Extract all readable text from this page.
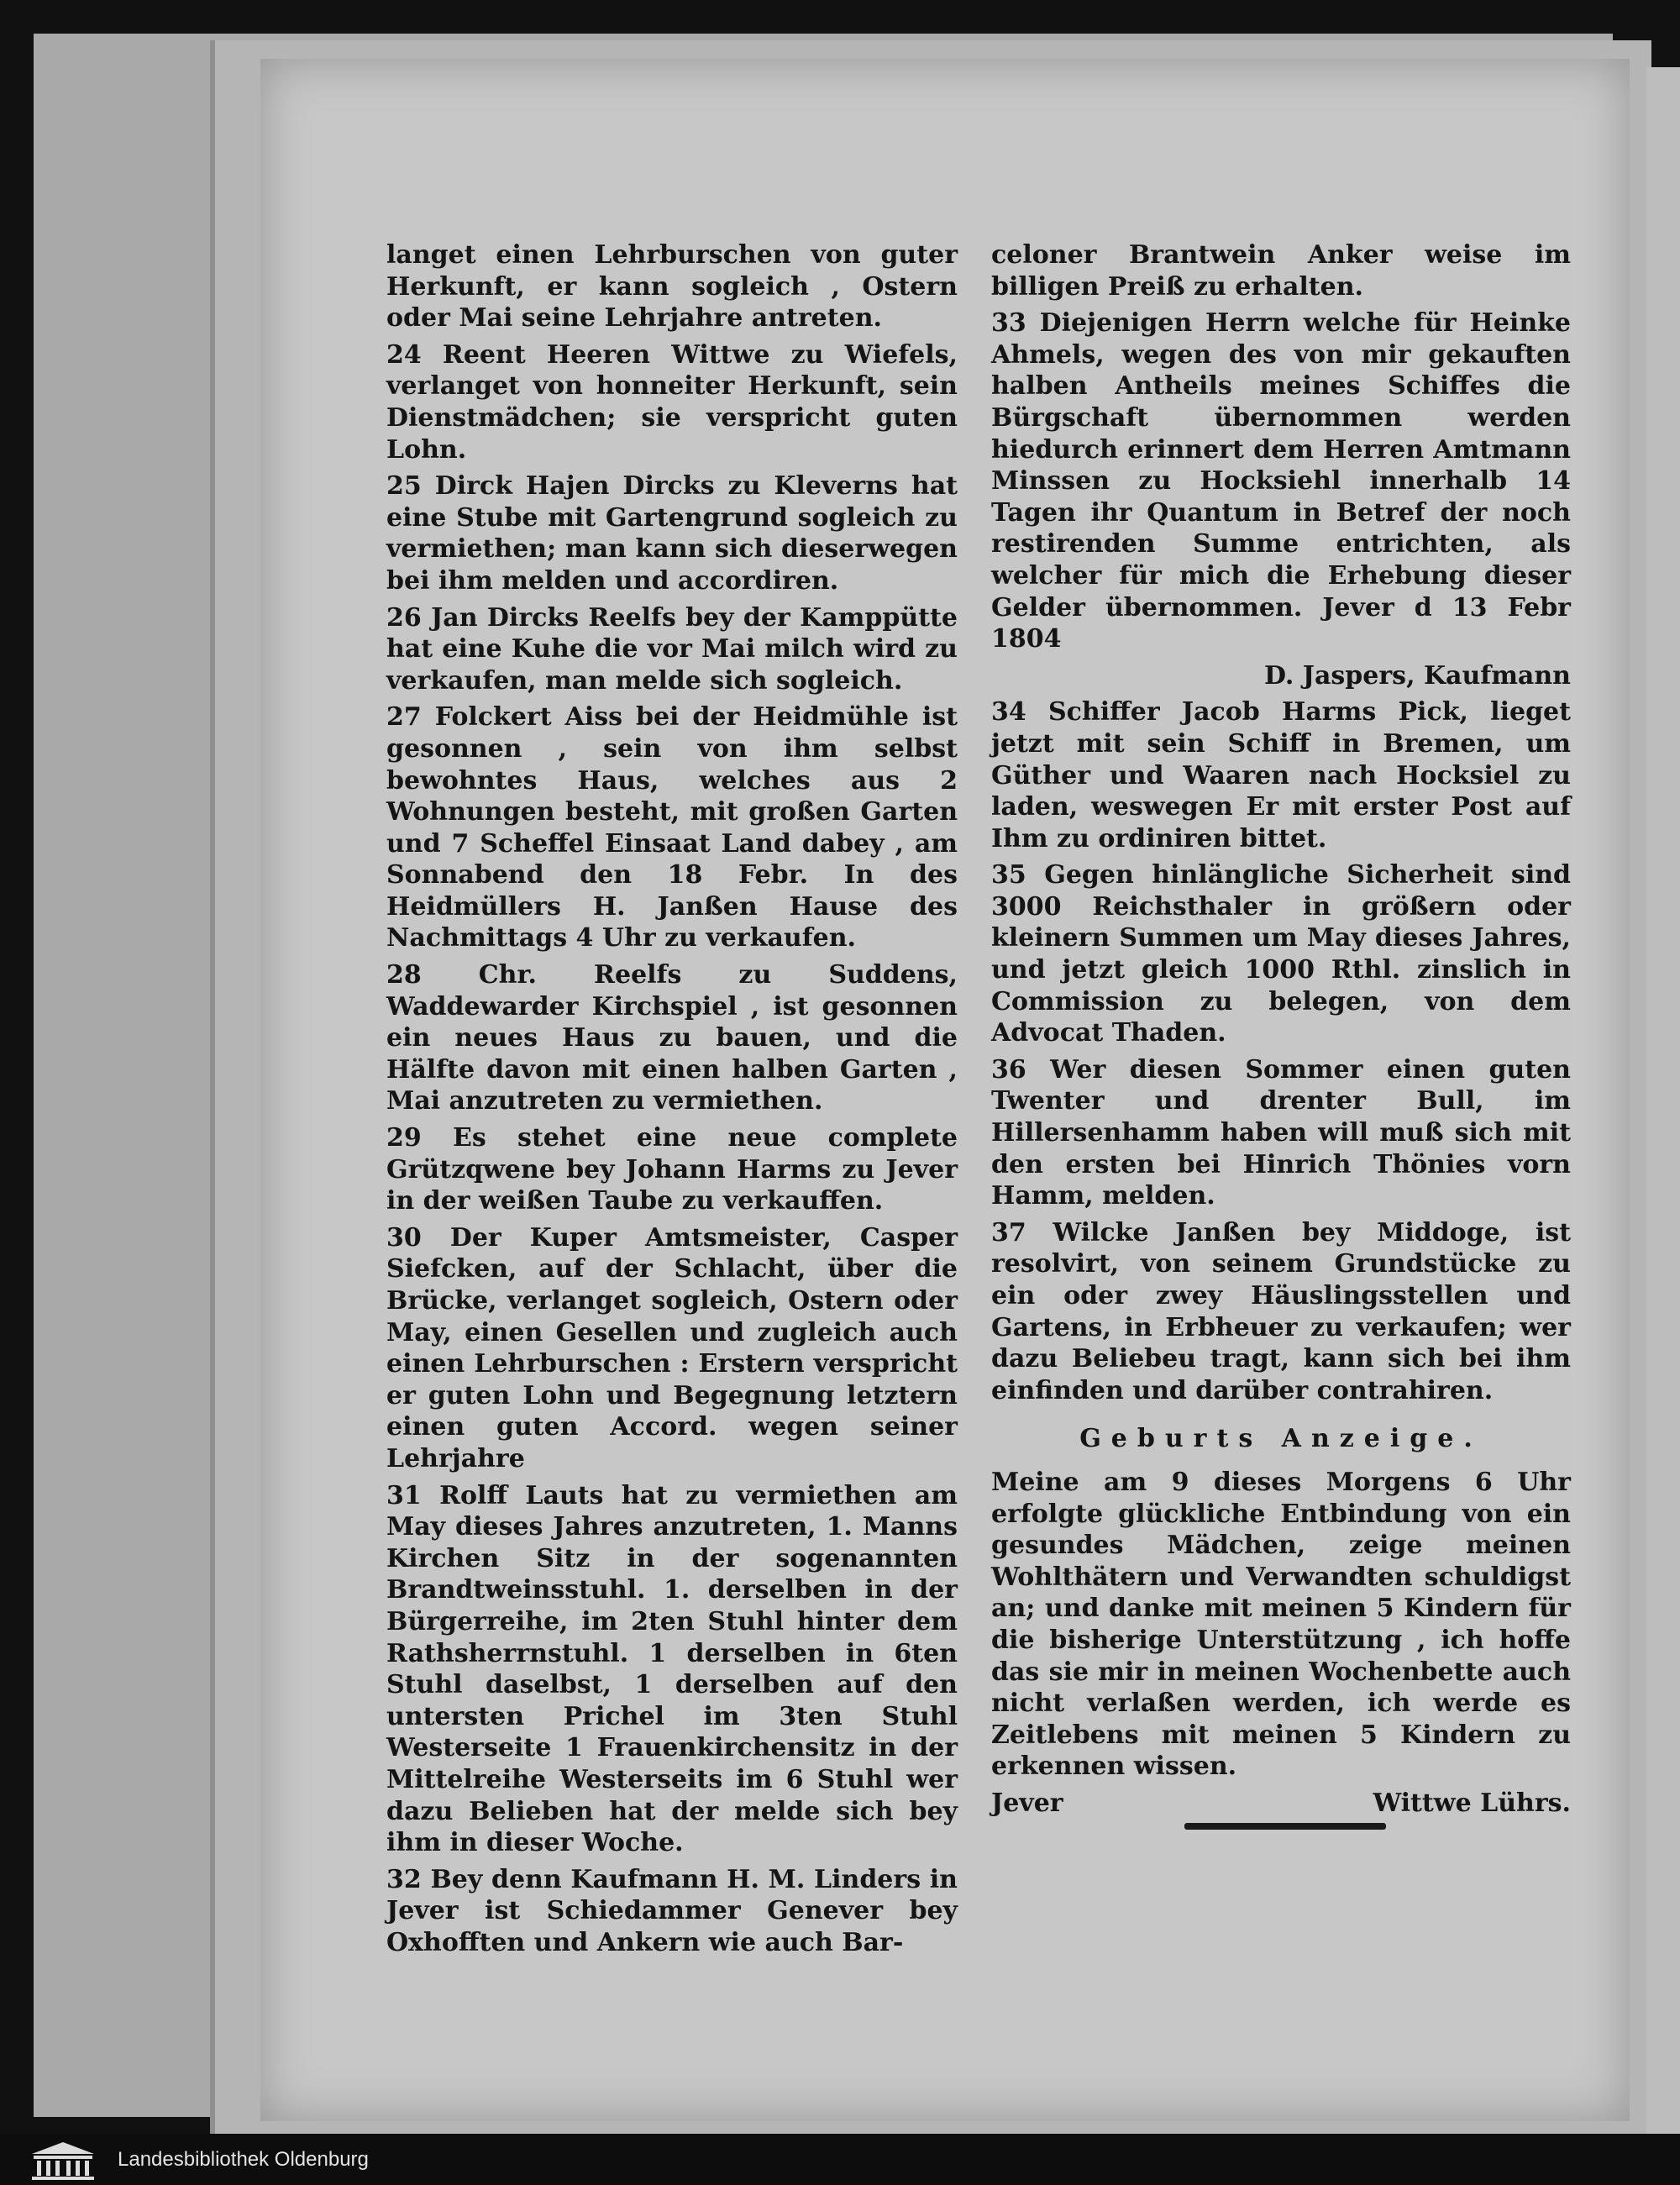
langet einen Lehrburschen von guter Herkunft, er kann sogleich , Ostern oder Mai seine Lehrjahre antreten.

24 Reent Heeren Wittwe zu Wiefels, verlanget von honneiter Herkunft, sein Dienstmädchen; sie verspricht guten Lohn.

25 Dirck Hajen Dircks zu Kleverns hat eine Stube mit Gartengrund sogleich zu vermiethen; man kann sich dieserwegen bei ihm melden und accordiren.

26 Jan Dircks Reelfs bey der Kamppütte hat eine Kuhe die vor Mai milch wird zu verkaufen, man melde sich sogleich.

27 Folckert Aiss bei der Heidmühle ist gesonnen , sein von ihm selbst bewohntes Haus, welches aus 2 Wohnungen besteht, mit großen Garten und 7 Scheffel Einsaat Land dabey , am Sonnabend den 18 Febr. In des Heidmüllers H. Janßen Hause des Nachmittags 4 Uhr zu verkaufen.

28 Chr. Reelfs zu Suddens, Waddewarder Kirchspiel , ist gesonnen ein neues Haus zu bauen, und die Hälfte davon mit einen halben Garten , Mai anzutreten zu vermiethen.

29 Es stehet eine neue complete Grützqwene bey Johann Harms zu Jever in der weißen Taube zu verkauffen.

30 Der Kuper Amtsmeister, Casper Siefcken, auf der Schlacht, über die Brücke, verlanget sogleich, Ostern oder May, einen Gesellen und zugleich auch einen Lehrburschen : Erstern verspricht er guten Lohn und Begegnung letztern einen guten Accord. wegen seiner Lehrjahre

31 Rolff Lauts hat zu vermiethen am May dieses Jahres anzutreten, 1. Manns Kirchen Sitz in der sogenannten Brandtweinsstuhl. 1. derselben in der Bürgerreihe, im 2ten Stuhl hinter dem Rathsherrnstuhl. 1 derselben in 6ten Stuhl daselbst, 1 derselben auf den untersten Prichel im 3ten Stuhl Westerseite 1 Frauenkirchensitz in der Mittelreihe Westerseits im 6 Stuhl wer dazu Belieben hat der melde sich bey ihm in dieser Woche.

32 Bey denn Kaufmann H. M. Linders in Jever ist Schiedammer Genever bey Oxhofften und Ankern wie auch Bar-

celoner Brantwein Anker weise im billigen Preiß zu erhalten.

33 Diejenigen Herrn welche für Heinke Ahmels, wegen des von mir gekauften halben Antheils meines Schiffes die Bürgschaft übernommen werden hiedurch erinnert dem Herren Amtmann Minssen zu Hocksiehl innerhalb 14 Tagen ihr Quantum in Betref der noch restirenden Summe entrichten, als welcher für mich die Erhebung dieser Gelder übernommen. Jever d 13 Febr 1804

D. Jaspers, Kaufmann

34 Schiffer Jacob Harms Pick, lieget jetzt mit sein Schiff in Bremen, um Güther und Waaren nach Hocksiel zu laden, weswegen Er mit erster Post auf Ihm zu ordiniren bittet.

35 Gegen hinlängliche Sicherheit sind 3000 Reichsthaler in größern oder kleinern Summen um May dieses Jahres, und jetzt gleich 1000 Rthl. zinslich in Commission zu belegen, von dem Advocat Thaden.

36 Wer diesen Sommer einen guten Twenter und drenter Bull, im Hillersenhamm haben will muß sich mit den ersten bei Hinrich Thönies vorn Hamm, melden.

37 Wilcke Janßen bey Middoge, ist resolvirt, von seinem Grundstücke zu ein oder zwey Häuslingsstellen und Gartens, in Erbheuer zu verkaufen; wer dazu Beliebeu tragt, kann sich bei ihm einfinden und darüber contrahiren.

Geburts Anzeige.

Meine am 9 dieses Morgens 6 Uhr erfolgte glückliche Entbindung von ein gesundes Mädchen, zeige meinen Wohlthätern und Verwandten schuldigst an; und danke mit meinen 5 Kindern für die bisherige Unterstützung , ich hoffe das sie mir in meinen Wochenbette auch nicht verlaßen werden, ich werde es Zeitlebens mit meinen 5 Kindern zu erkennen wissen.

Jever	Wittwe Lührs.
Landesbibliothek Oldenburg
